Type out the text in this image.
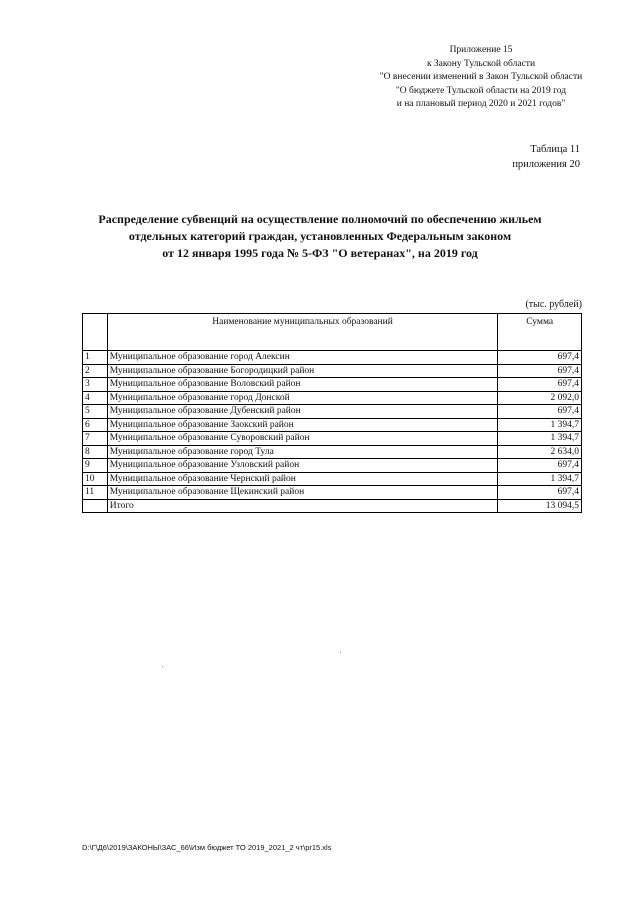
Приложение 15
к Закону Тульской области
"О внесении изменений в Закон Тульской области
"О бюджете Тульской области на 2019 год
и на плановый период 2020 и 2021 годов"
Таблица 11
приложения 20
Распределение субвенций на осуществление полномочий по обеспечению жильем
отдельных категорий граждан, установленных Федеральным законом
от 12 января 1995 года № 5-ФЗ "О ветеранах", на 2019 год
(тыс. рублей)
	Наименование муниципальных образований	Сумма
1	Муниципальное образование город Алексин	697,4
2	Муниципальное образование Богородицкий район	697,4
3	Муниципальное образование Воловский район	697,4
4	Муниципальное образование город Донской	2 092,0
5	Муниципальное образование Дубенский район	697,4
6	Муниципальное образование Заокский район	1 394,7
7	Муниципальное образование Суворовский район	1 394,7
8	Муниципальное образование город Тула	2 634,0
9	Муниципальное образование Узловский район	697,4
10	Муниципальное образование Чернский район	1 394,7
11	Муниципальное образование Щекинский район	697,4
	Итого	13 094,5
D:\Г\Д6\2019\ЗАКОНЫ\ЗАС_66\Изм бюджет ТО 2019_2021_2 чт\pr15.xls
